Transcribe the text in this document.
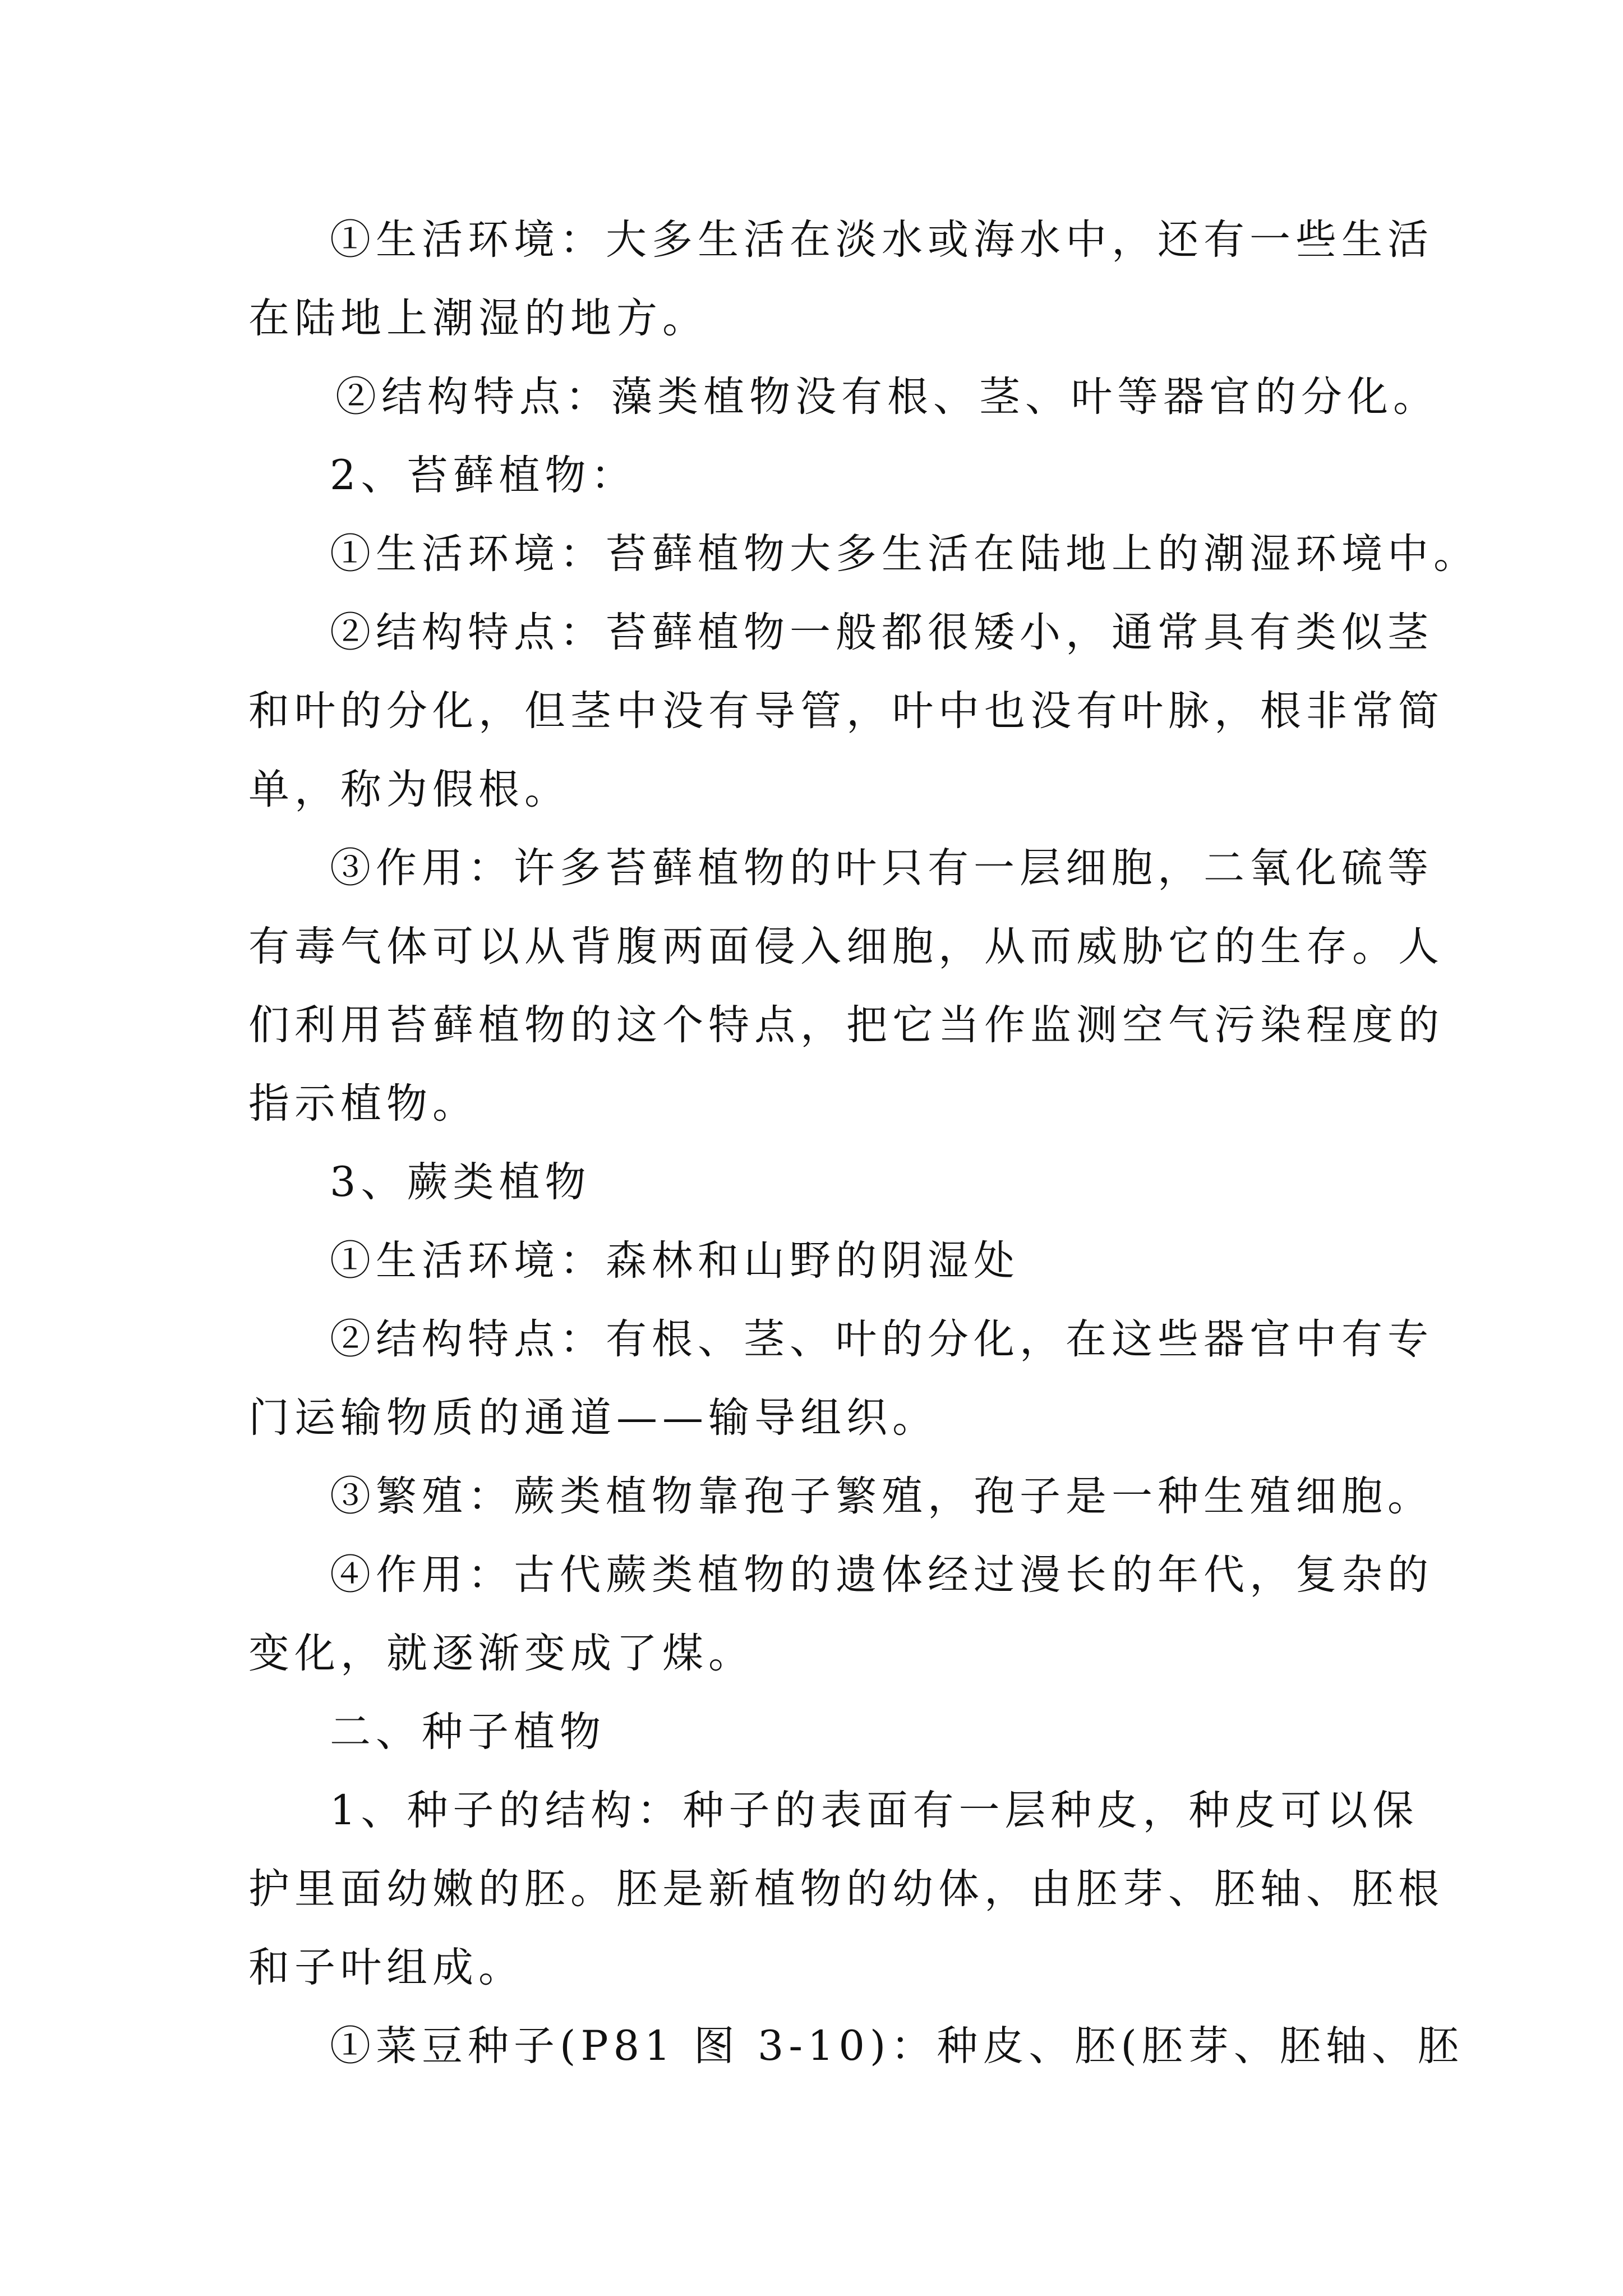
①生活环境：大多生活在淡水或海水中，还有一些生活

在陆地上潮湿的地方。

②结构特点：藻类植物没有根、茎、叶等器官的分化。

2、苔藓植物：

①生活环境：苔藓植物大多生活在陆地上的潮湿环境中。

②结构特点：苔藓植物一般都很矮小，通常具有类似茎

和叶的分化，但茎中没有导管，叶中也没有叶脉，根非常简

单，称为假根。

③作用：许多苔藓植物的叶只有一层细胞，二氧化硫等

有毒气体可以从背腹两面侵入细胞，从而威胁它的生存。人

们利用苔藓植物的这个特点，把它当作监测空气污染程度的

指示植物。

3、蕨类植物

①生活环境：森林和山野的阴湿处

②结构特点：有根、茎、叶的分化，在这些器官中有专

门运输物质的通道——输导组织。

③繁殖：蕨类植物靠孢子繁殖，孢子是一种生殖细胞。

④作用：古代蕨类植物的遗体经过漫长的年代，复杂的

变化，就逐渐变成了煤。

二、种子植物

1、种子的结构：种子的表面有一层种皮，种皮可以保

护里面幼嫩的胚。胚是新植物的幼体，由胚芽、胚轴、胚根

和子叶组成。

①菜豆种子(P81 图 3-10)：种皮、胚(胚芽、胚轴、胚
